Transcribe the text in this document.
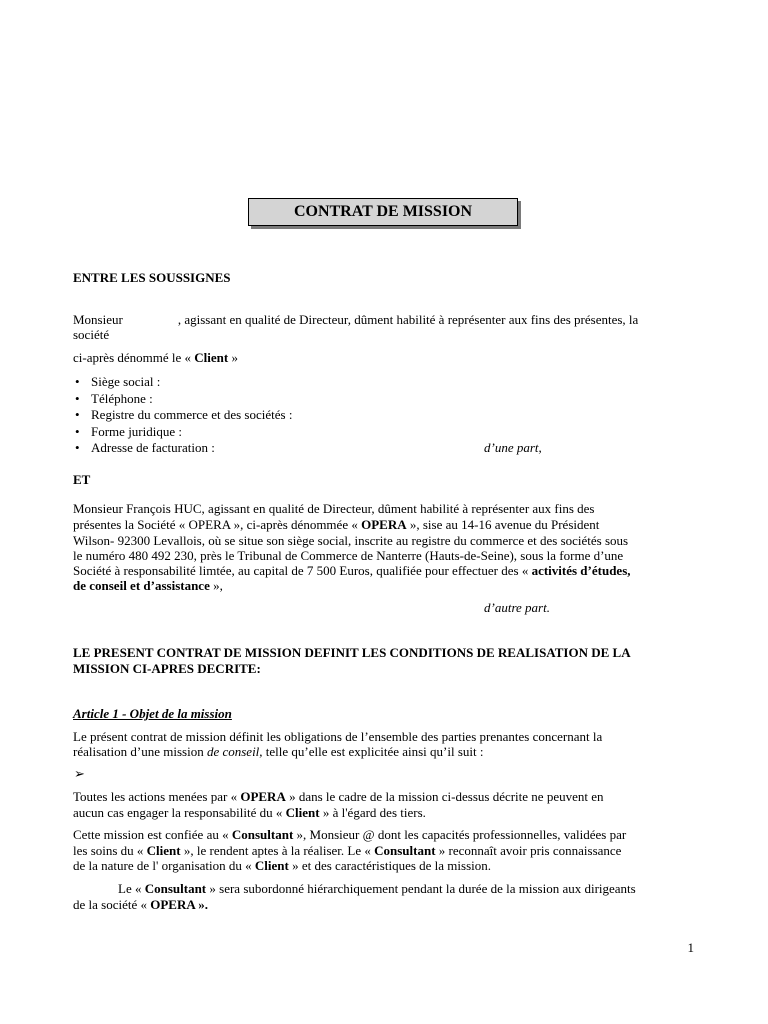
CONTRAT DE MISSION
ENTRE LES SOUSSIGNES
Monsieur	, agissant en qualité de Directeur, dûment habilité à représenter aux fins des présentes, la
société
ci-après dénommé le « Client »
• Siège social :
• Téléphone :
• Registre du commerce et des sociétés :
• Forme juridique :
• Adresse de facturation :	d’une part,
ET
Monsieur François HUC, agissant en qualité de Directeur, dûment habilité à représenter aux fins des
présentes la Société « OPERA », ci-après dénommée « OPERA », sise au 14-16 avenue du Président
Wilson- 92300 Levallois, où se situe son siège social, inscrite au registre du commerce et des sociétés sous
le numéro 480 492 230, près le Tribunal de Commerce de Nanterre (Hauts-de-Seine), sous la forme d’une
Société à responsabilité limtée, au capital de 7 500 Euros, qualifiée pour effectuer des « activités d’études,
de conseil et d’assistance »,
d’autre part.
LE PRESENT CONTRAT DE MISSION DEFINIT LES CONDITIONS DE REALISATION DE LA
MISSION CI-APRES DECRITE:
Article 1 - Objet de la mission
Le présent contrat de mission définit les obligations de l’ensemble des parties prenantes concernant la
réalisation d’une mission de conseil, telle qu’elle est explicitée ainsi qu’il suit :
➢
Toutes les actions menées par « OPERA » dans le cadre de la mission ci-dessus décrite ne peuvent en
aucun cas engager la responsabilité du « Client » à l'égard des tiers.
Cette mission est confiée au « Consultant », Monsieur @ dont les capacités professionnelles, validées par
les soins du « Client », le rendent aptes à la réaliser. Le « Consultant » reconnaît avoir pris connaissance
de la nature de l' organisation du « Client » et des caractéristiques de la mission.
Le « Consultant » sera subordonné hiérarchiquement pendant la durée de la mission aux dirigeants
de la société « OPERA ».
1
